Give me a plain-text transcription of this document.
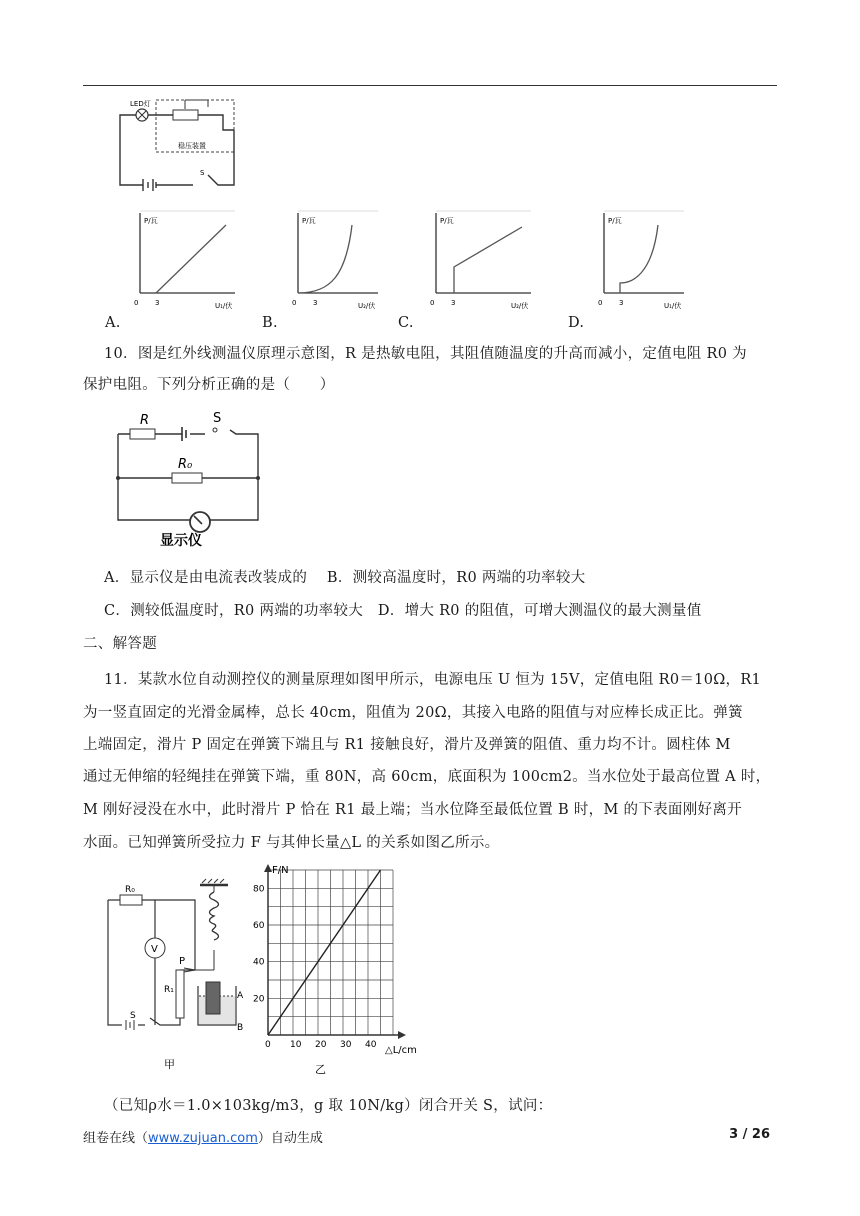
LED灯
稳压装置
S
A.
P/瓦
0 3	U₁/伏
B.
P/瓦
0 3	U₂/伏
C.
P/瓦
0 3	U₂/伏
D.
P/瓦
0 3	U₁/伏
10．图是红外线测温仪原理示意图，R 是热敏电阻，其阻值随温度的升高而减小，定值电阻 R0 为
保护电阻。下列分析正确的是（　　）
R	S
R₀
显示仪
A．显示仪是由电流表改装成的　 B．测较高温度时，R0 两端的功率较大
C．测较低温度时，R0 两端的功率较大　D．增大 R0 的阻值，可增大测温仪的最大测量值
二、解答题
11．某款水位自动测控仪的测量原理如图甲所示，电源电压 U 恒为 15V，定值电阻 R0＝10Ω，R1
为一竖直固定的光滑金属棒，总长 40cm，阻值为 20Ω，其接入电路的阻值与对应棒长成正比。弹簧
上端固定，滑片 P 固定在弹簧下端且与 R1 接触良好，滑片及弹簧的阻值、重力均不计。圆柱体 M
通过无伸缩的轻绳挂在弹簧下端，重 80N，高 60cm，底面积为 100cm2。当水位处于最高位置 A 时，
M 刚好浸没在水中，此时滑片 P 恰在 R1 最上端；当水位降至最低位置 B 时，M 的下表面刚好离开
水面。已知弹簧所受拉力 F 与其伸长量△L 的关系如图乙所示。
R₀
V
P
R₁
S
A
B
甲
0 10 20 30 40
20
40
60
80
F/N
△L/cm
乙
（已知ρ水＝1.0×103kg/m3，g 取 10N/kg）闭合开关 S，试问：
组卷在线（www.zujuan.com）自动生成	3 / 26
